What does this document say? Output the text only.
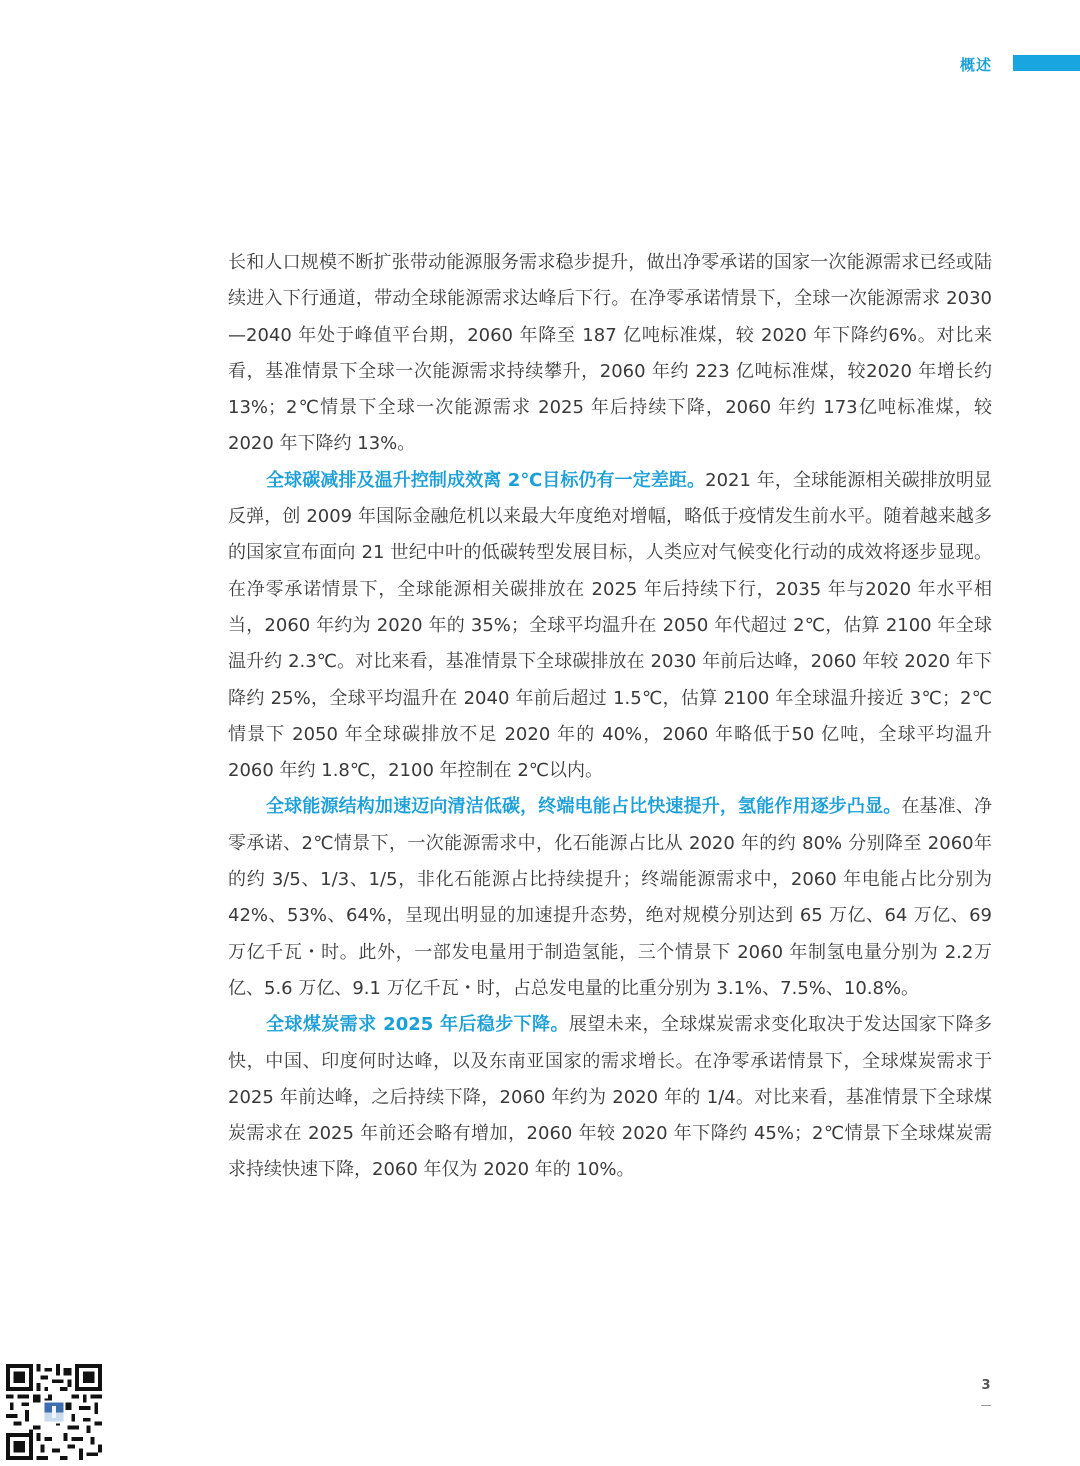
概述

长和人口规模不断扩张带动能源服务需求稳步提升，做出净零承诺的国家一次能源需求已经或陆续进入下行通道，带动全球能源需求达峰后下行。在净零承诺情景下，全球一次能源需求 2030—2040 年处于峰值平台期，2060 年降至 187 亿吨标准煤，较 2020 年下降约6%。对比来看，基准情景下全球一次能源需求持续攀升，2060 年约 223 亿吨标准煤，较2020 年增长约 13%；2℃情景下全球一次能源需求 2025 年后持续下降，2060 年约 173亿吨标准煤，较 2020 年下降约 13%。

全球碳减排及温升控制成效离 2℃目标仍有一定差距。2021 年，全球能源相关碳排放明显反弹，创 2009 年国际金融危机以来最大年度绝对增幅，略低于疫情发生前水平。随着越来越多的国家宣布面向 21 世纪中叶的低碳转型发展目标，人类应对气候变化行动的成效将逐步显现。在净零承诺情景下，全球能源相关碳排放在 2025 年后持续下行，2035 年与2020 年水平相当，2060 年约为 2020 年的 35%；全球平均温升在 2050 年代超过 2℃，估算 2100 年全球温升约 2.3℃。对比来看，基准情景下全球碳排放在 2030 年前后达峰，2060 年较 2020 年下降约 25%，全球平均温升在 2040 年前后超过 1.5℃，估算 2100 年全球温升接近 3℃；2℃情景下 2050 年全球碳排放不足 2020 年的 40%，2060 年略低于50 亿吨，全球平均温升 2060 年约 1.8℃，2100 年控制在 2℃以内。

全球能源结构加速迈向清洁低碳，终端电能占比快速提升，氢能作用逐步凸显。在基准、净零承诺、2℃情景下，一次能源需求中，化石能源占比从 2020 年的约 80% 分别降至 2060年的约 3/5、1/3、1/5，非化石能源占比持续提升；终端能源需求中，2060 年电能占比分别为 42%、53%、64%，呈现出明显的加速提升态势，绝对规模分别达到 65 万亿、64 万亿、69 万亿千瓦・时。此外，一部发电量用于制造氢能，三个情景下 2060 年制氢电量分别为 2.2万亿、5.6 万亿、9.1 万亿千瓦・时，占总发电量的比重分别为 3.1%、7.5%、10.8%。

全球煤炭需求 2025 年后稳步下降。展望未来，全球煤炭需求变化取决于发达国家下降多快，中国、印度何时达峰，以及东南亚国家的需求增长。在净零承诺情景下，全球煤炭需求于 2025 年前达峰，之后持续下降，2060 年约为 2020 年的 1/4。对比来看，基准情景下全球煤炭需求在 2025 年前还会略有增加，2060 年较 2020 年下降约 45%；2℃情景下全球煤炭需求持续快速下降，2060 年仅为 2020 年的 10%。

3
